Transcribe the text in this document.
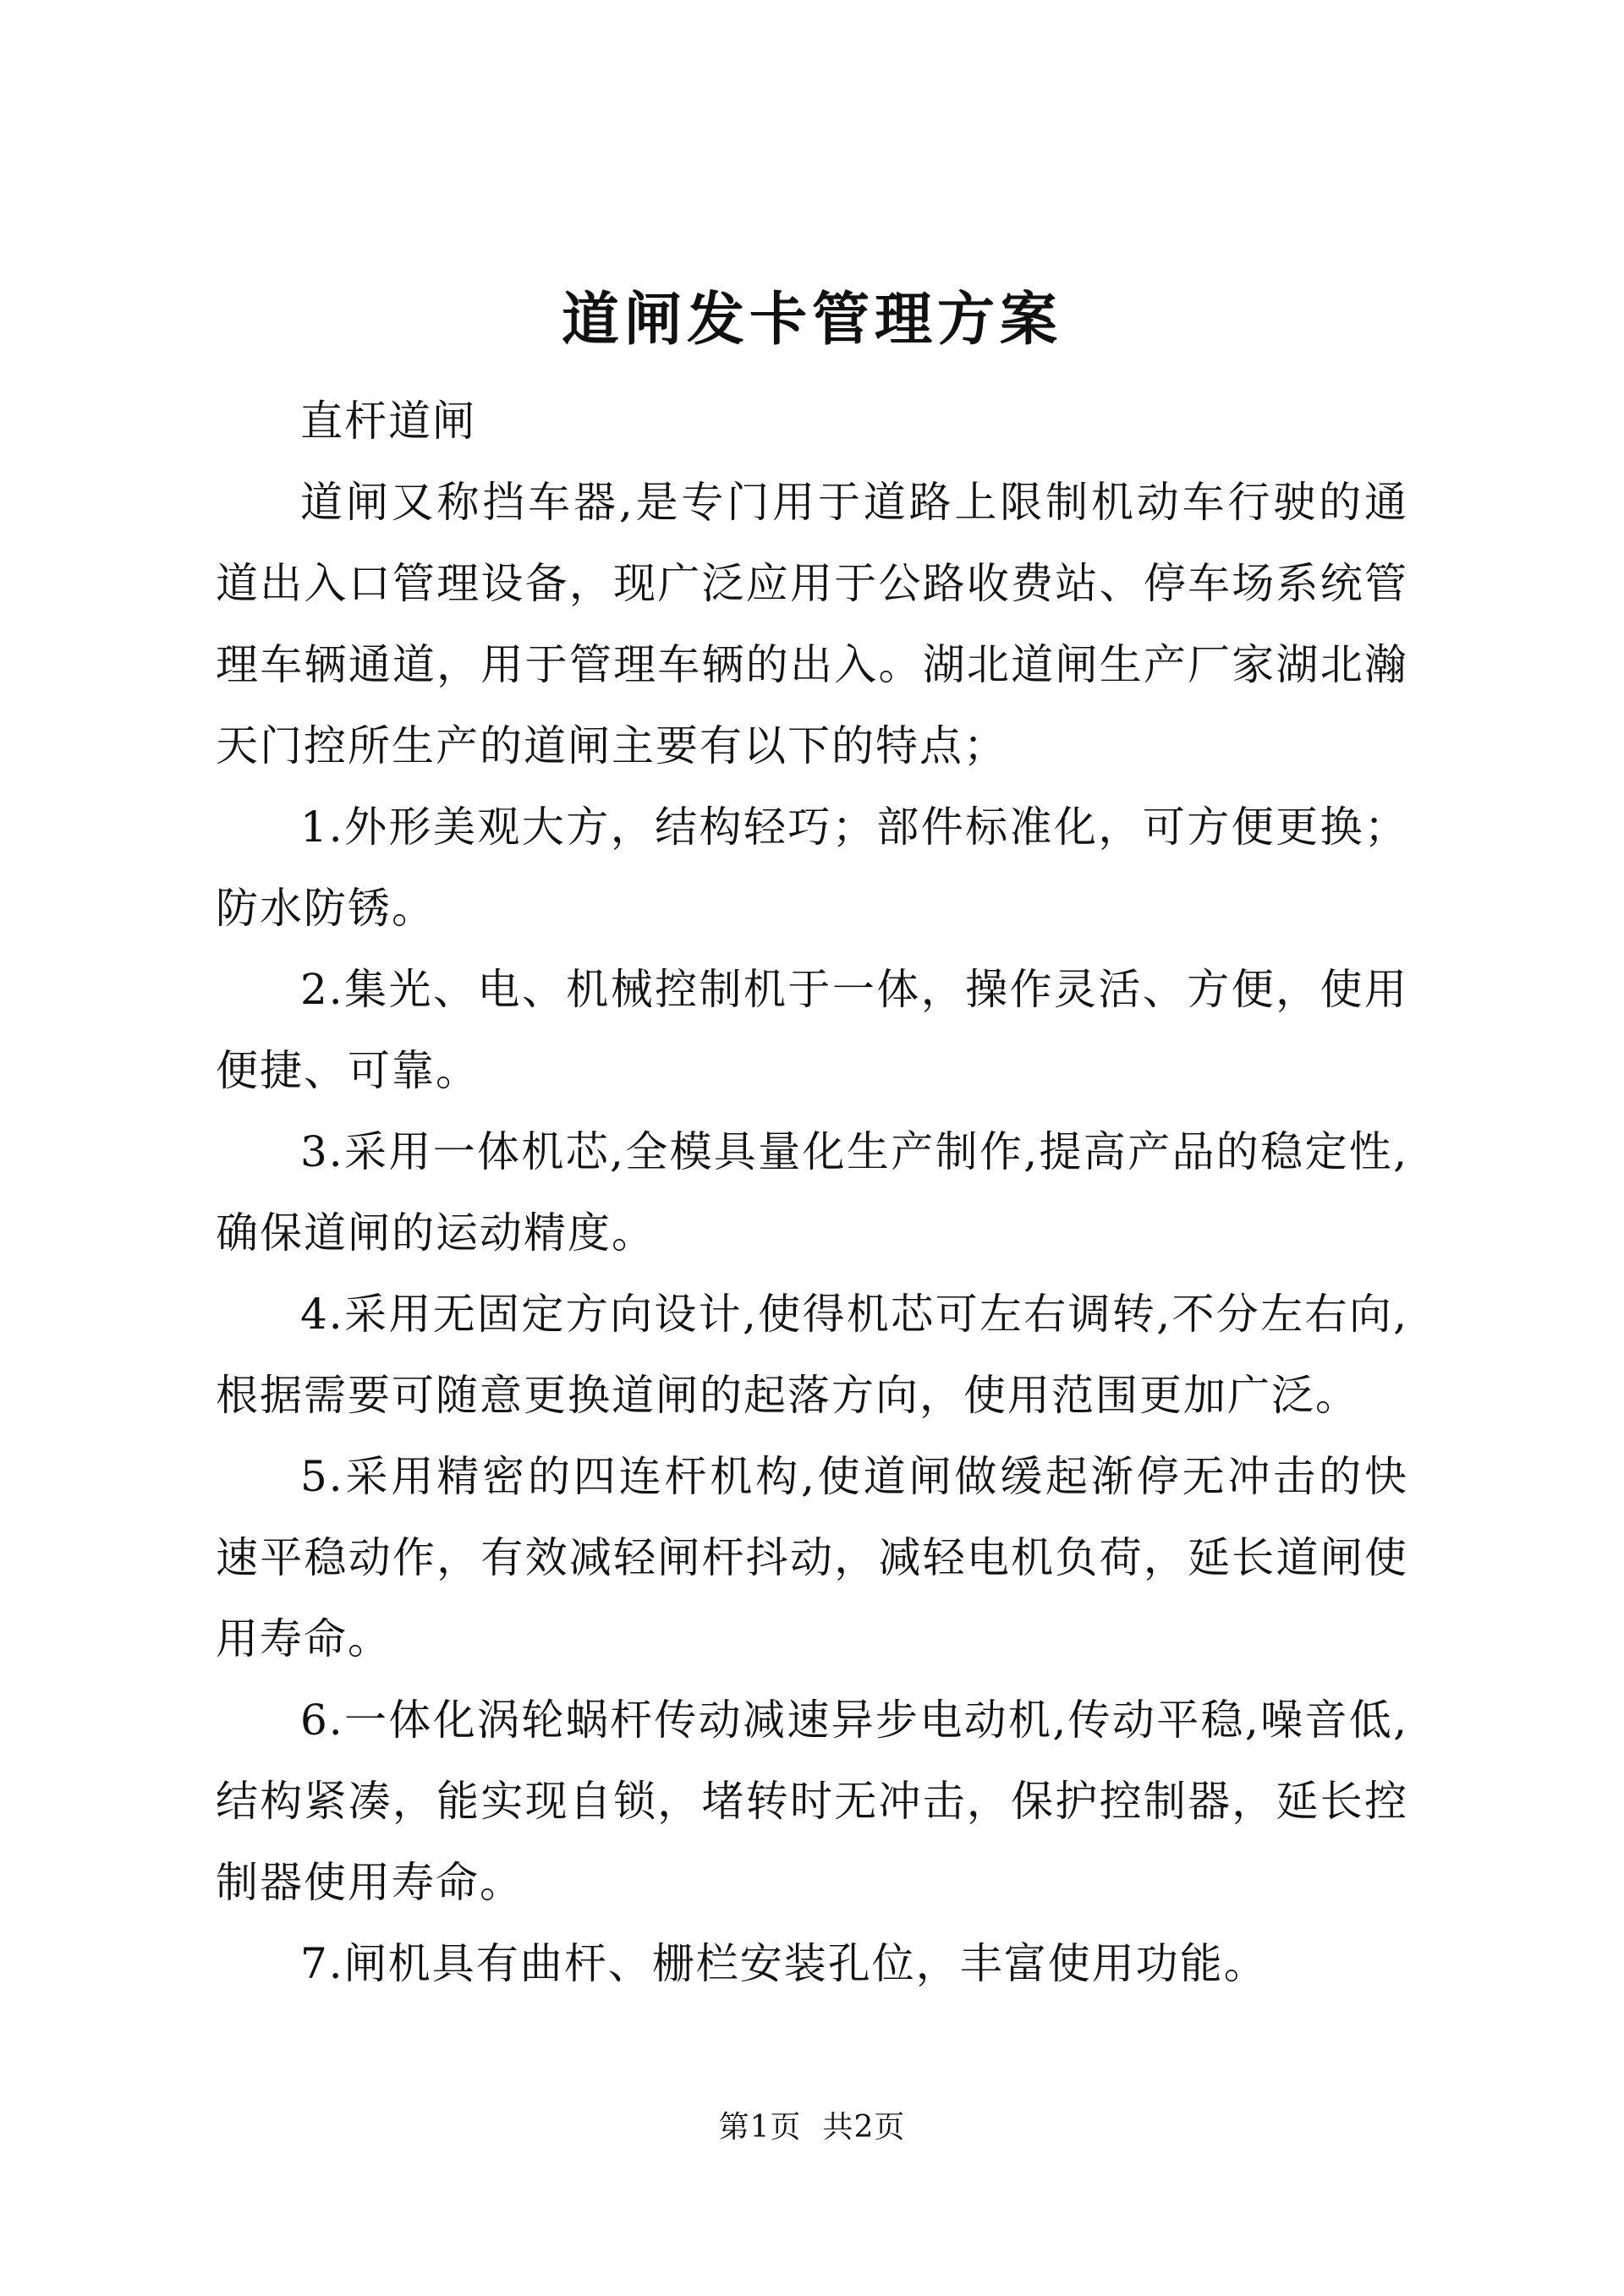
道闸发卡管理方案

直杆道闸

道闸又称挡车器,是专门用于道路上限制机动车行驶的通道出入口管理设备，现广泛应用于公路收费站、停车场系统管理车辆通道，用于管理车辆的出入。湖北道闸生产厂家湖北瀚天门控所生产的道闸主要有以下的特点；

1.外形美观大方，结构轻巧；部件标准化，可方便更换；防水防锈。

2.集光、电、机械控制机于一体，操作灵活、方便，使用便捷、可靠。

3.采用一体机芯,全模具量化生产制作,提高产品的稳定性,确保道闸的运动精度。

4.采用无固定方向设计,使得机芯可左右调转,不分左右向,根据需要可随意更换道闸的起落方向，使用范围更加广泛。

5.采用精密的四连杆机构,使道闸做缓起渐停无冲击的快速平稳动作，有效减轻闸杆抖动，减轻电机负荷，延长道闸使用寿命。

6.一体化涡轮蜗杆传动减速异步电动机,传动平稳,噪音低,结构紧凑，能实现自锁，堵转时无冲击，保护控制器，延长控制器使用寿命。

7.闸机具有曲杆、栅栏安装孔位，丰富使用功能。

第1页 共2页
